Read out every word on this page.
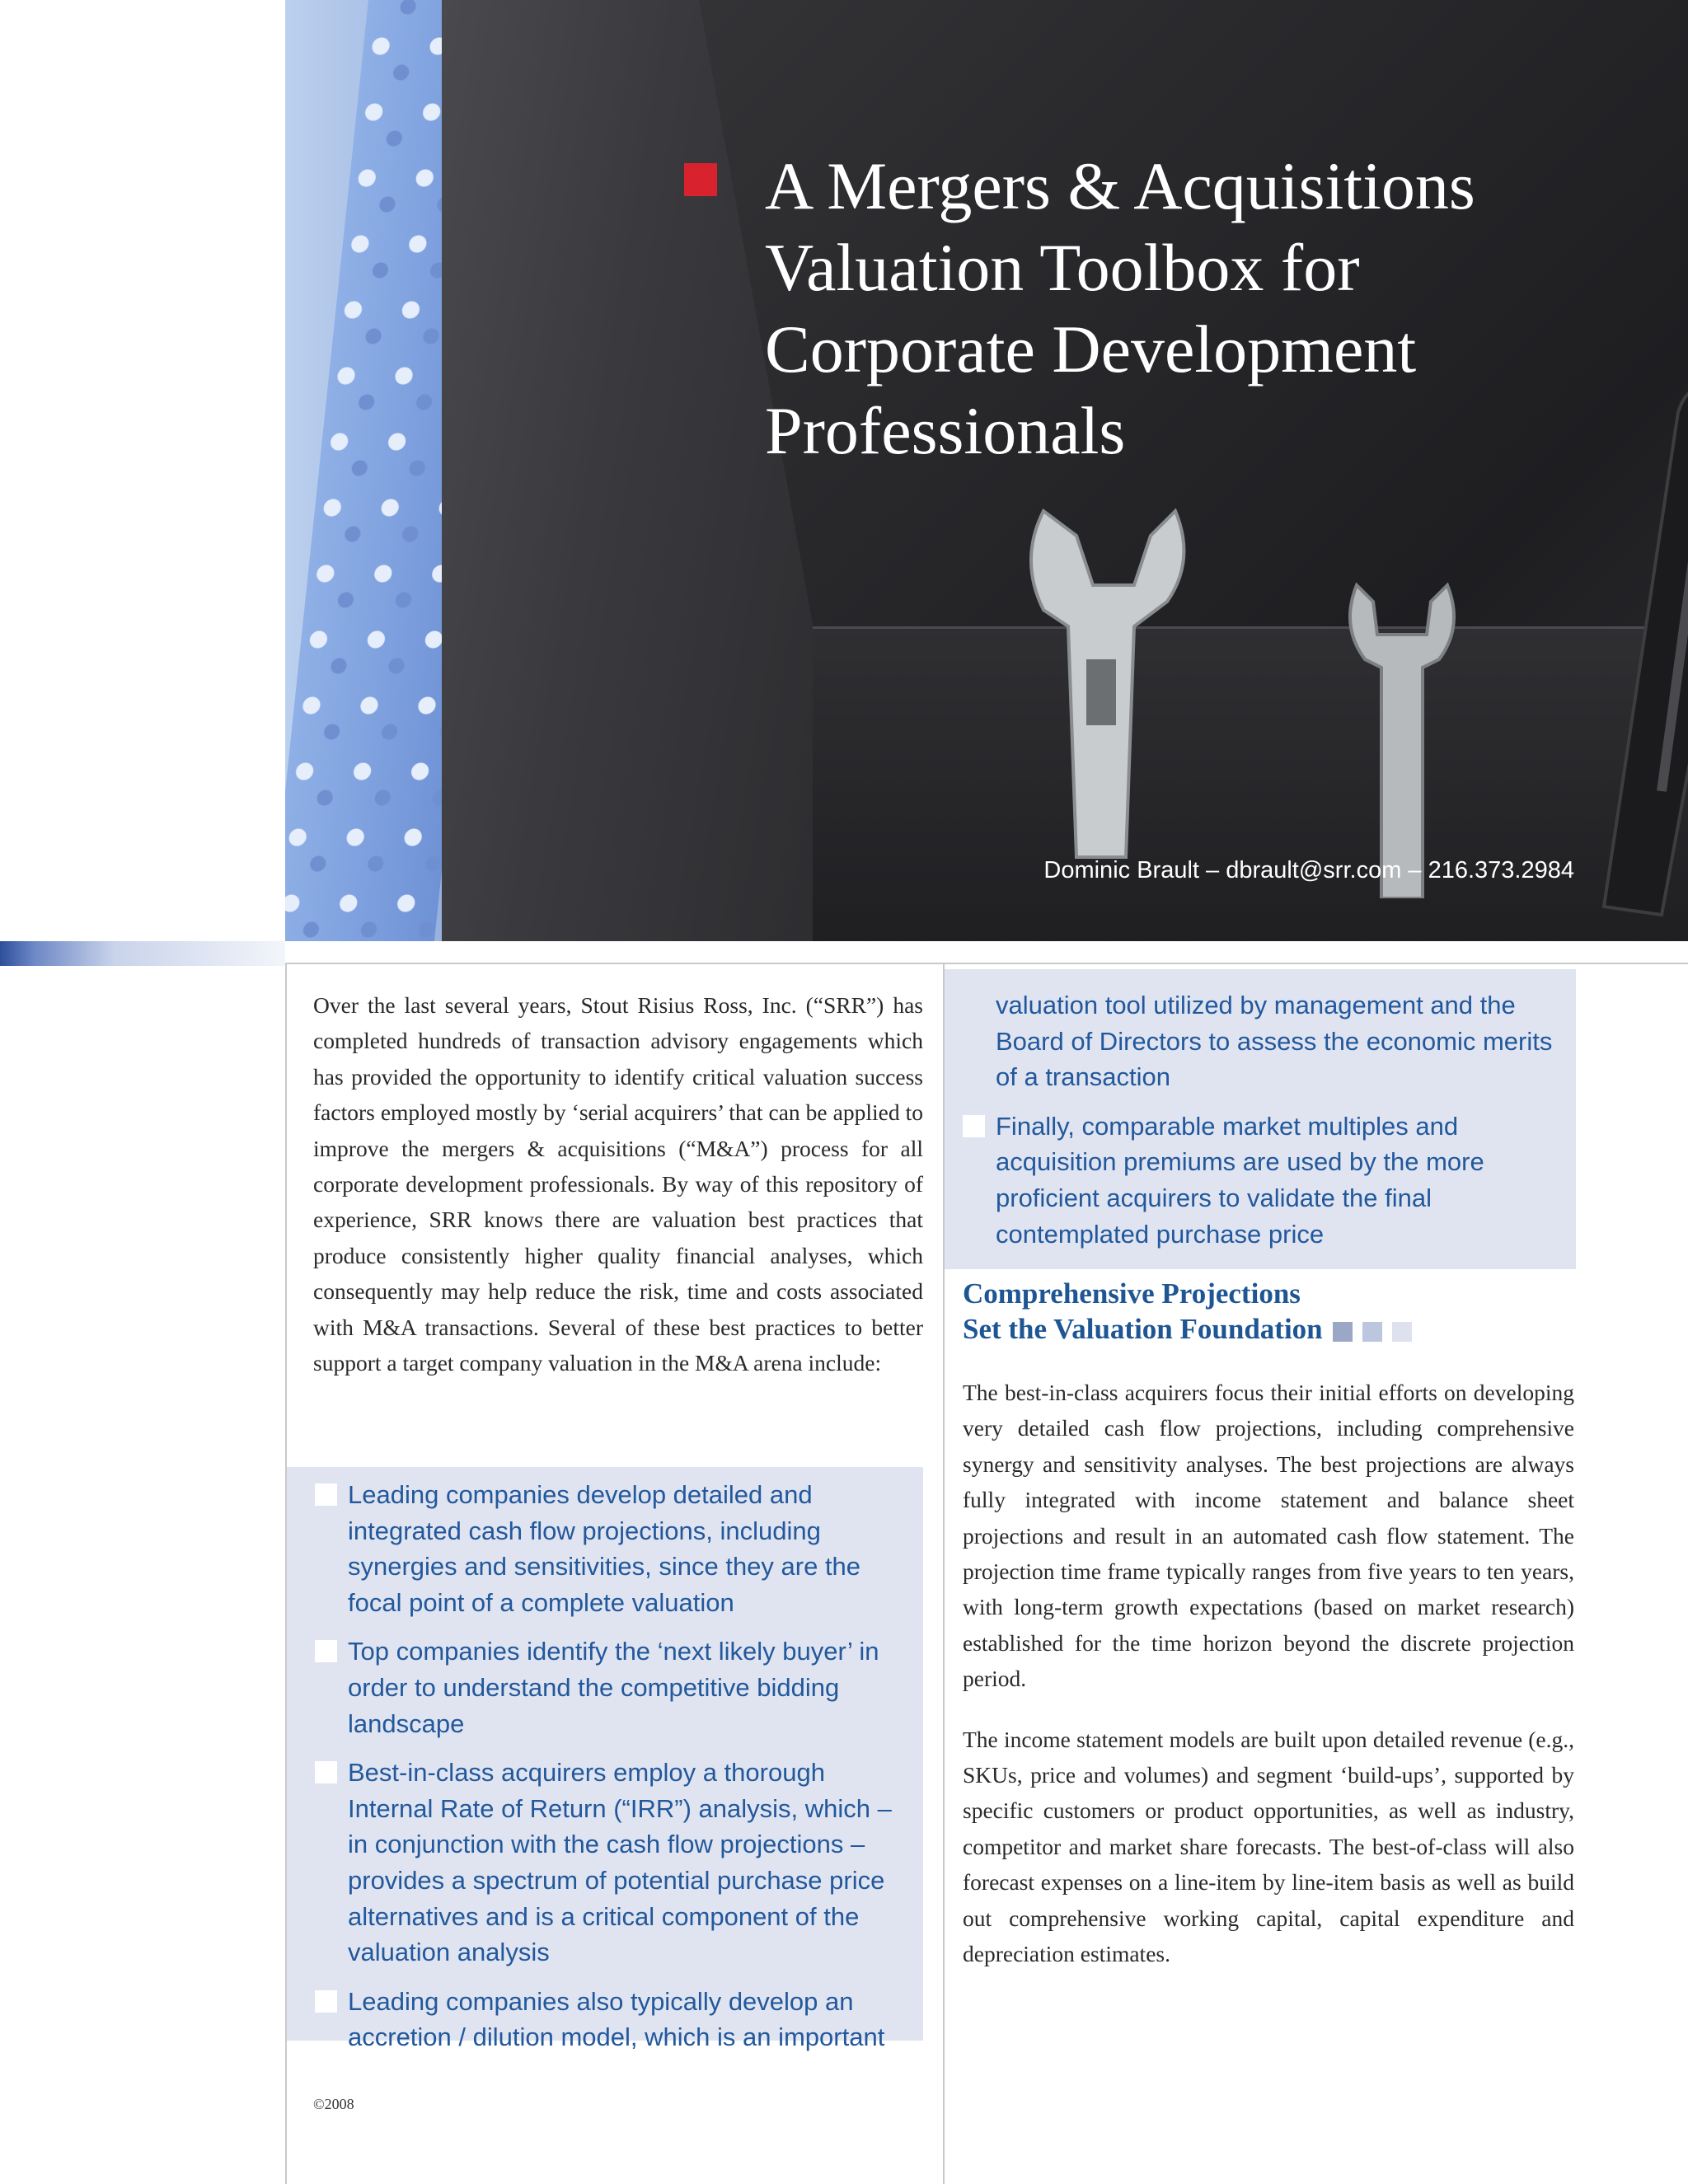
A Mergers & Acquisitions
Valuation Toolbox for
Corporate Development
Professionals

Dominic Brault – dbrault@srr.com – 216.373.2984

Over the last several years, Stout Risius Ross, Inc. (“SRR”) has completed hundreds of transaction advisory engagements which has provided the opportunity to identify critical valuation success factors employed mostly by ‘serial acquirers’ that can be applied to improve the mergers & acquisitions (“M&A”) process for all corporate development professionals. By way of this repository of experience, SRR knows there are valuation best practices that produce consistently higher quality financial analyses, which consequently may help reduce the risk, time and costs associated with M&A transactions. Several of these best practices to better support a target company valuation in the M&A arena include:

Leading companies develop detailed and integrated cash flow projections, including synergies and sensitivities, since they are the focal point of a complete valuation
Top companies identify the ‘next likely buyer’ in order to understand the competitive bidding landscape
Best-in-class acquirers employ a thorough Internal Rate of Return (“IRR”) analysis, which – in conjunction with the cash flow projections – provides a spectrum of potential purchase price alternatives and is a critical component of the valuation analysis
Leading companies also typically develop an accretion / dilution model, which is an important
valuation tool utilized by management and the Board of Directors to assess the economic merits of a transaction
Finally, comparable market multiples and acquisition premiums are used by the more proficient acquirers to validate the final contemplated purchase price
Comprehensive Projections
Set the Valuation Foundation

The best-in-class acquirers focus their initial efforts on developing very detailed cash flow projections, including comprehensive synergy and sensitivity analyses. The best projections are always fully integrated with income statement and balance sheet projections and result in an automated cash flow statement. The projection time frame typically ranges from five years to ten years, with long-term growth expectations (based on market research) established for the time horizon beyond the discrete projection period.

The income statement models are built upon detailed revenue (e.g., SKUs, price and volumes) and segment ‘build-ups’, supported by specific customers or product opportunities, as well as industry, competitor and market share forecasts. The best-of-class will also forecast expenses on a line-item by line-item basis as well as build out comprehensive working capital, capital expenditure and depreciation estimates.

©2008
